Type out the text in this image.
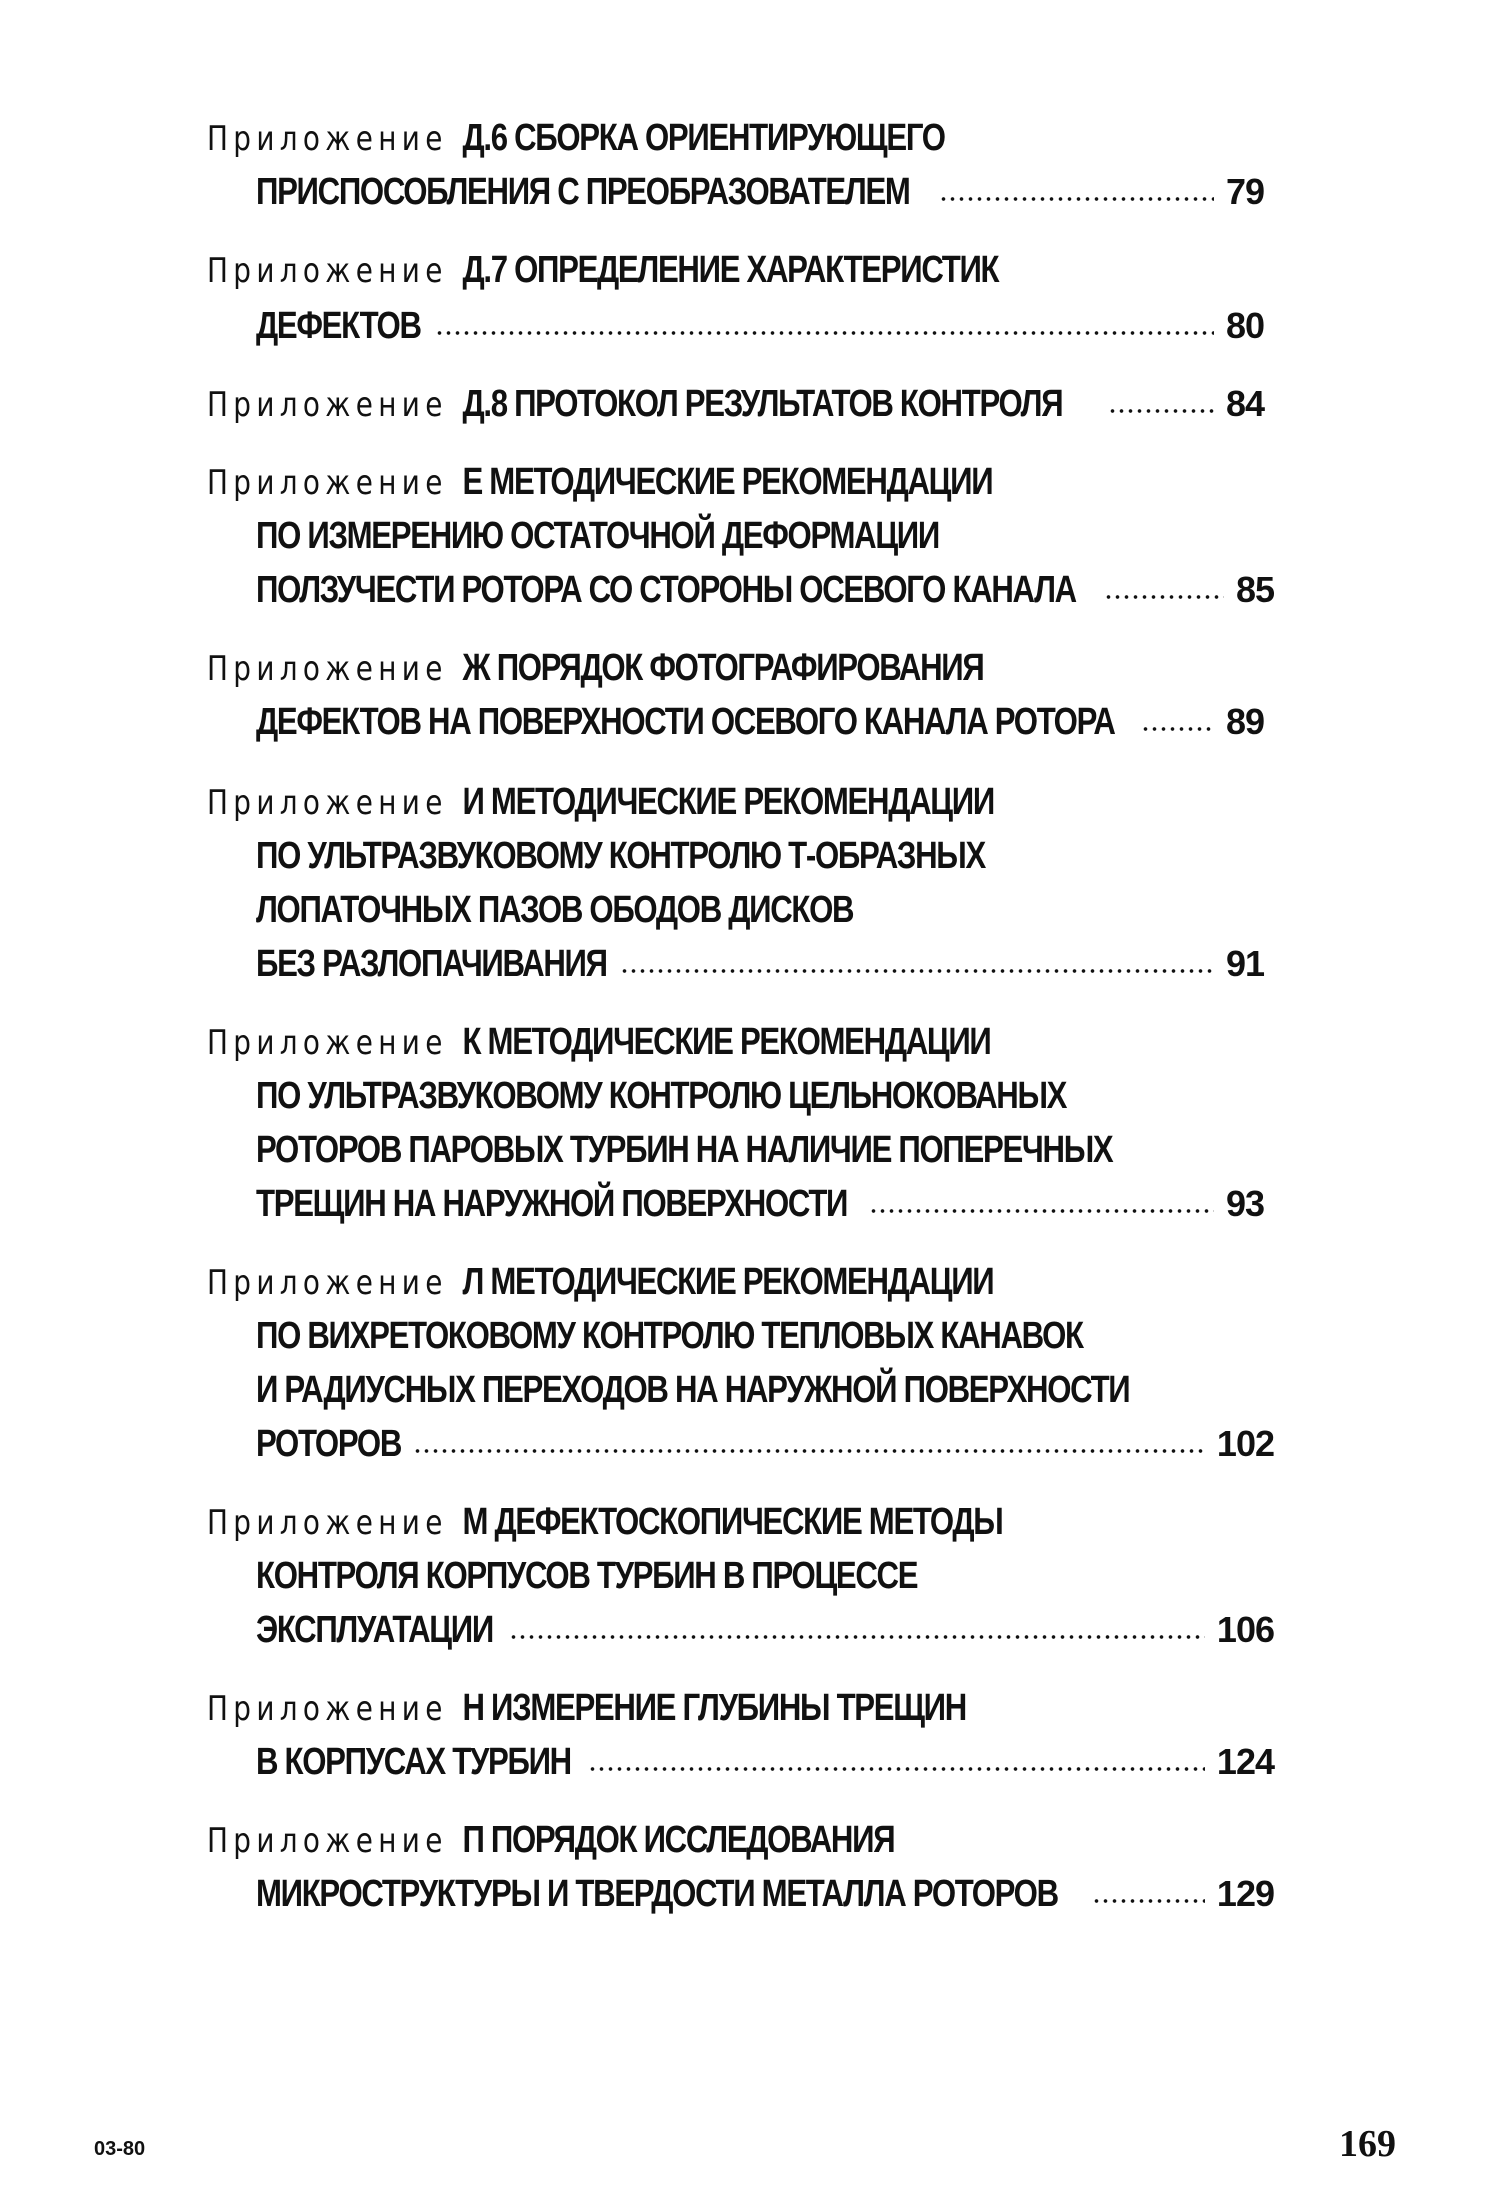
Приложение Д.6 СБОРКА ОРИЕНТИРУЮЩЕГО
ПРИСПОСОБЛЕНИЯ С ПРЕОБРАЗОВАТЕЛЕМ	79
Приложение Д.7 ОПРЕДЕЛЕНИЕ ХАРАКТЕРИСТИК
ДЕФЕКТОВ	80
Приложение Д.8 ПРОТОКОЛ РЕЗУЛЬТАТОВ КОНТРОЛЯ	84
Приложение Е МЕТОДИЧЕСКИЕ РЕКОМЕНДАЦИИ
ПО ИЗМЕРЕНИЮ ОСТАТОЧНОЙ ДЕФОРМАЦИИ
ПОЛЗУЧЕСТИ РОТОРА СО СТОРОНЫ ОСЕВОГО КАНАЛА	85
Приложение Ж ПОРЯДОК ФОТОГРАФИРОВАНИЯ
ДЕФЕКТОВ НА ПОВЕРХНОСТИ ОСЕВОГО КАНАЛА РОТОРА	89
Приложение И МЕТОДИЧЕСКИЕ РЕКОМЕНДАЦИИ
ПО УЛЬТРАЗВУКОВОМУ КОНТРОЛЮ Т-ОБРАЗНЫХ
ЛОПАТОЧНЫХ ПАЗОВ ОБОДОВ ДИСКОВ
БЕЗ РАЗЛОПАЧИВАНИЯ	91
Приложение К МЕТОДИЧЕСКИЕ РЕКОМЕНДАЦИИ
ПО УЛЬТРАЗВУКОВОМУ КОНТРОЛЮ ЦЕЛЬНОКОВАНЫХ
РОТОРОВ ПАРОВЫХ ТУРБИН НА НАЛИЧИЕ ПОПЕРЕЧНЫХ
ТРЕЩИН НА НАРУЖНОЙ ПОВЕРХНОСТИ	93
Приложение Л МЕТОДИЧЕСКИЕ РЕКОМЕНДАЦИИ
ПО ВИХРЕТОКОВОМУ КОНТРОЛЮ ТЕПЛОВЫХ КАНАВОК
И РАДИУСНЫХ ПЕРЕХОДОВ НА НАРУЖНОЙ ПОВЕРХНОСТИ
РОТОРОВ	102
Приложение М ДЕФЕКТОСКОПИЧЕСКИЕ МЕТОДЫ
КОНТРОЛЯ КОРПУСОВ ТУРБИН В ПРОЦЕССЕ
ЭКСПЛУАТАЦИИ	106
Приложение Н ИЗМЕРЕНИЕ ГЛУБИНЫ ТРЕЩИН
В КОРПУСАХ ТУРБИН	124
Приложение П ПОРЯДОК ИССЛЕДОВАНИЯ
МИКРОСТРУКТУРЫ И ТВЕРДОСТИ МЕТАЛЛА РОТОРОВ	129
03-80	169
